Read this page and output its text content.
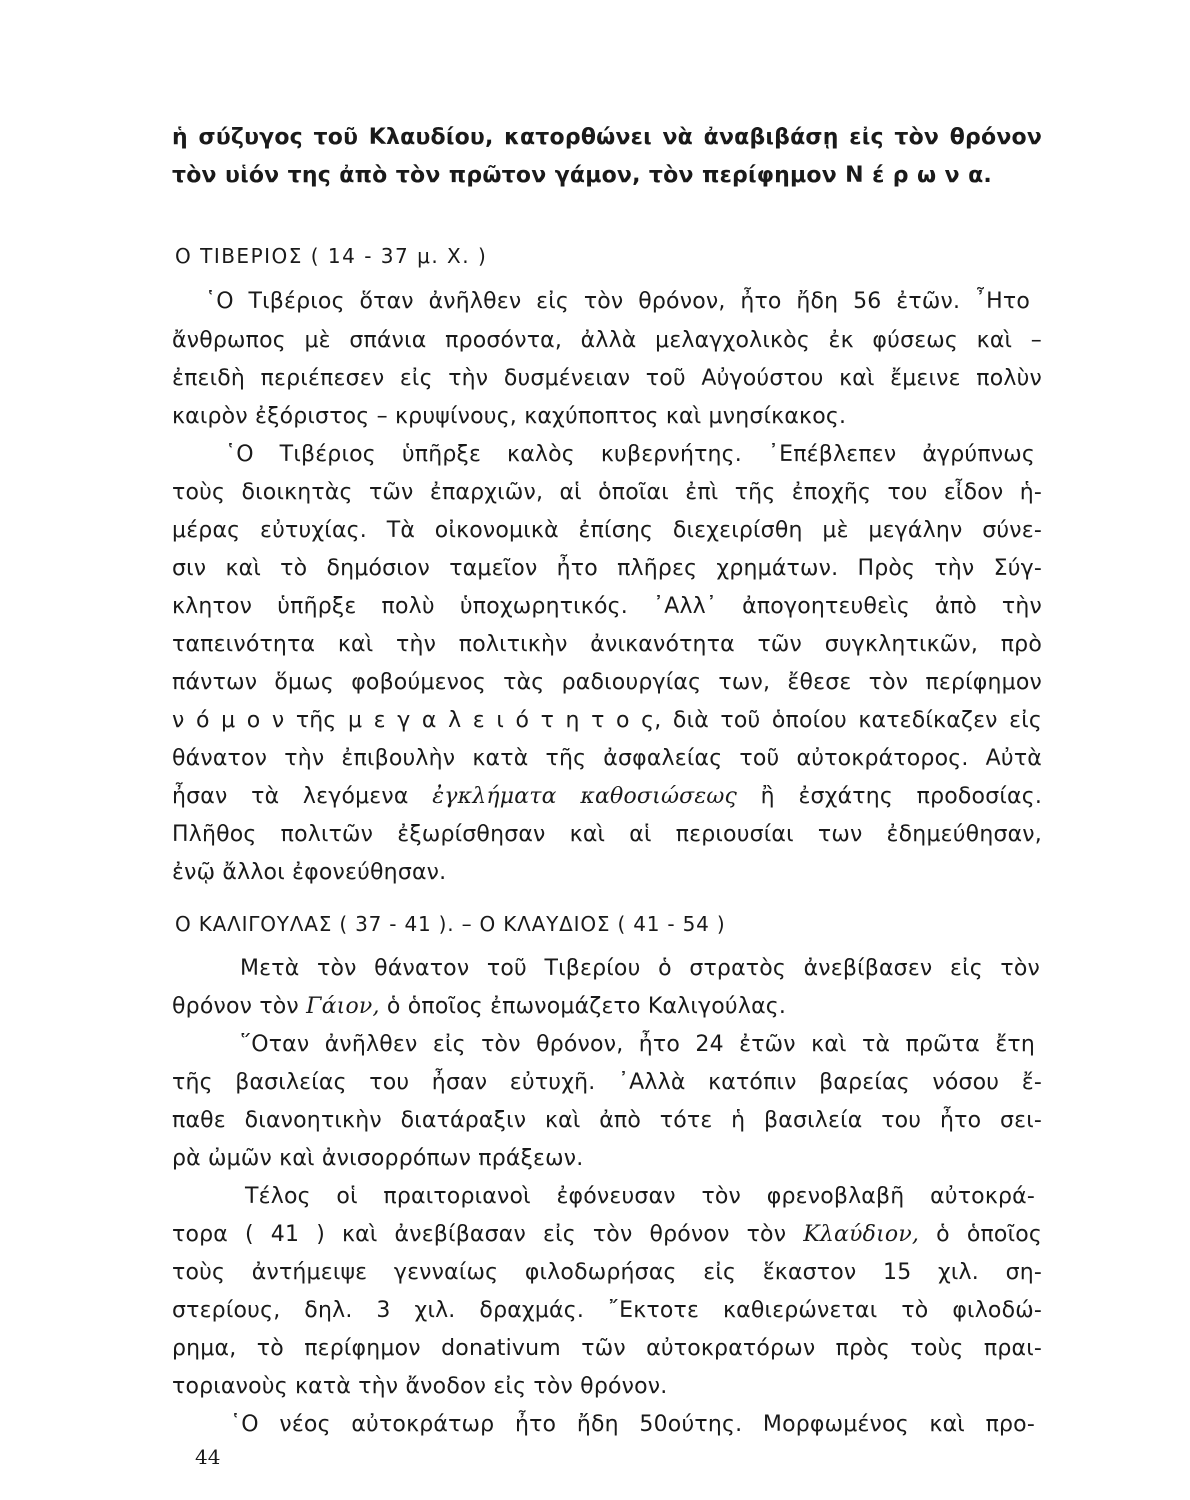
ἡ σύζυγος τοῦ Κλαυδίου, κατορθώνει νὰ ἀναβιβάσῃ εἰς τὸν θρόνον
τὸν υἱόν της ἀπὸ τὸν πρῶτον γάμον, τὸν περίφημον Ν έ ρ ω ν α.
Ο ΤΙΒΕΡΙΟΣ ( 14 - 37 μ. Χ. )
῾Ο Τιβέριος ὅταν ἀνῆλθεν εἰς τὸν θρόνον, ἦτο ἤδη 56 ἐτῶν. ῏Ητο
ἄνθρωπος μὲ σπάνια προσόντα, ἀλλὰ μελαγχολικὸς ἐκ φύσεως καὶ –
ἐπειδὴ περιέπεσεν εἰς τὴν δυσμένειαν τοῦ Αὐγούστου καὶ ἔμεινε πολὺν
καιρὸν ἐξόριστος – κρυψίνους, καχύποπτος καὶ μνησίκακος.
῾Ο Τιβέριος ὑπῆρξε καλὸς κυβερνήτης. ᾿Επέβλεπεν ἀγρύπνως
τοὺς διοικητὰς τῶν ἐπαρχιῶν, αἱ ὁποῖαι ἐπὶ τῆς ἐποχῆς του εἶδον ἡ-
μέρας εὐτυχίας. Τὰ οἰκονομικὰ ἐπίσης διεχειρίσθη μὲ μεγάλην σύνε-
σιν καὶ τὸ δημόσιον ταμεῖον ἦτο πλῆρες χρημάτων. Πρὸς τὴν Σύγ-
κλητον ὑπῆρξε πολὺ ὑποχωρητικός. ᾿Αλλ᾿ ἀπογοητευθεὶς ἀπὸ τὴν
ταπεινότητα καὶ τὴν πολιτικὴν ἀνικανότητα τῶν συγκλητικῶν, πρὸ
πάντων ὅμως φοβούμενος τὰς ραδιουργίας των, ἔθεσε τὸν περίφημον
ν ό μ ο ν τῆς μ ε γ α λ ε ι ό τ η τ ο ς, διὰ τοῦ ὁποίου κατεδίκαζεν εἰς
θάνατον τὴν ἐπιβουλὴν κατὰ τῆς ἀσφαλείας τοῦ αὐτοκράτορος. Αὐτὰ
ἦσαν τὰ λεγόμενα ἐγκλήματα καθοσιώσεως ἢ ἐσχάτης προδοσίας.
Πλῆθος πολιτῶν ἐξωρίσθησαν καὶ αἱ περιουσίαι των ἐδημεύθησαν,
ἐνῷ ἄλλοι ἐφονεύθησαν.
Ο ΚΑΛΙΓΟΥΛΑΣ ( 37 - 41 ). – Ο ΚΛΑΥΔΙΟΣ ( 41 - 54 )
Μετὰ τὸν θάνατον τοῦ Τιβερίου ὁ στρατὸς ἀνεβίβασεν εἰς τὸν
θρόνον τὸν Γάιον, ὁ ὁποῖος ἐπωνομάζετο Καλιγούλας.
῞Οταν ἀνῆλθεν εἰς τὸν θρόνον, ἦτο 24 ἐτῶν καὶ τὰ πρῶτα ἔτη
τῆς βασιλείας του ἦσαν εὐτυχῆ. ᾿Αλλὰ κατόπιν βαρείας νόσου ἔ-
παθε διανοητικὴν διατάραξιν καὶ ἀπὸ τότε ἡ βασιλεία του ἦτο σει-
ρὰ ὠμῶν καὶ ἀνισορρόπων πράξεων.
Τέλος οἱ πραιτοριανοὶ ἐφόνευσαν τὸν φρενοβλαβῆ αὐτοκρά-
τορα ( 41 ) καὶ ἀνεβίβασαν εἰς τὸν θρόνον τὸν Κλαύδιον, ὁ ὁποῖος
τοὺς ἀντήμειψε γενναίως φιλοδωρήσας εἰς ἕκαστον 15 χιλ. ση-
στερίους, δηλ. 3 χιλ. δραχμάς. ῎Εκτοτε καθιερώνεται τὸ φιλοδώ-
ρημα, τὸ περίφημον donativum τῶν αὐτοκρατόρων πρὸς τοὺς πραι-
τοριανοὺς κατὰ τὴν ἄνοδον εἰς τὸν θρόνον.
῾Ο νέος αὐτοκράτωρ ἦτο ἤδη 50ούτης. Μορφωμένος καὶ προ-
44
